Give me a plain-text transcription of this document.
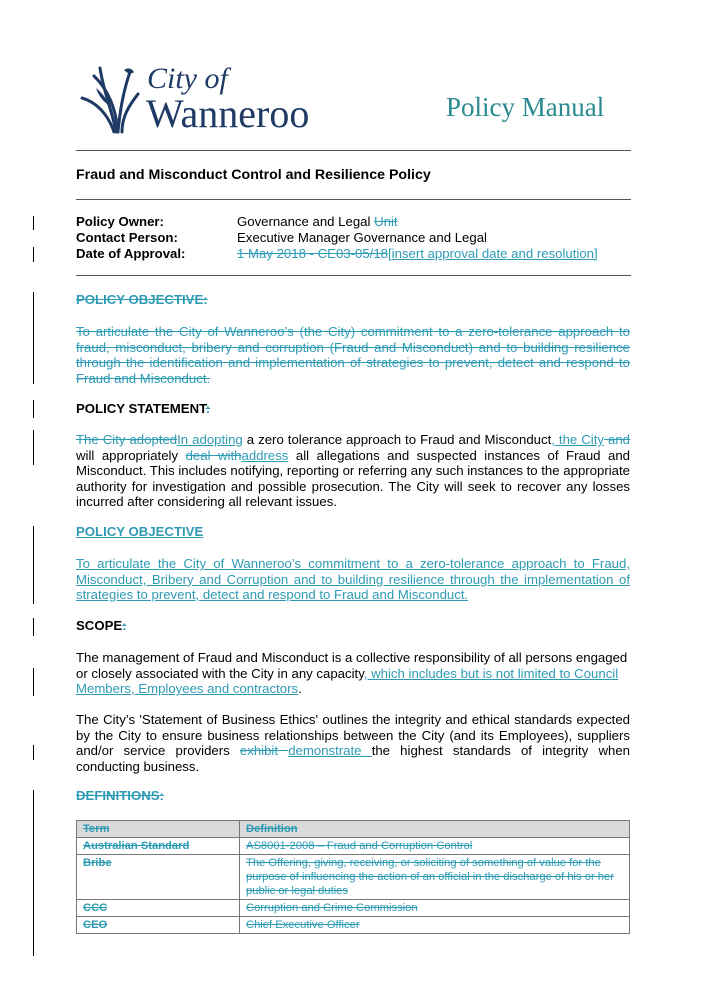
City of
Wanneroo	Policy Manual
Fraud and Misconduct Control and Resilience Policy
Policy Owner:	Governance and Legal Unit
Contact Person:	Executive Manager Governance and Legal
Date of Approval:	1 May 2018 - CE03-05/18[insert approval date and resolution]
POLICY OBJECTIVE:
To articulate the City of Wanneroo’s (the City) commitment to a zero-tolerance approach to fraud, misconduct, bribery and corruption (Fraud and Misconduct) and to building resilience through the identification and implementation of strategies to prevent, detect and respond to Fraud and Misconduct.
POLICY STATEMENT:
The City adoptedIn adopting a zero tolerance approach to Fraud and Misconduct, the City and will appropriately deal withaddress all allegations and suspected instances of Fraud and Misconduct. This includes notifying, reporting or referring any such instances to the appropriate authority for investigation and possible prosecution. The City will seek to recover any losses incurred after considering all relevant issues.
POLICY OBJECTIVE
To articulate the City of Wanneroo’s commitment to a zero-tolerance approach to Fraud, Misconduct, Bribery and Corruption and to building resilience through the implementation of strategies to prevent, detect and respond to Fraud and Misconduct.
SCOPE:
The management of Fraud and Misconduct is a collective responsibility of all persons engaged or closely associated with the City in any capacity, which includes but is not limited to Council Members, Employees and contractors.
The City’s 'Statement of Business Ethics' outlines the integrity and ethical standards expected by the City to ensure business relationships between the City (and its Employees), suppliers and/or service providers exhibit demonstrate the highest standards of integrity when conducting business.
DEFINITIONS:
Term	Definition
Australian Standard	AS8001-2008 – Fraud and Corruption Control
Bribe	The Offering, giving, receiving, or soliciting of something of value for the purpose of influencing the action of an official in the discharge of his or her public or legal duties
CCC	Corruption and Crime Commission
CEO	Chief Executive Officer
